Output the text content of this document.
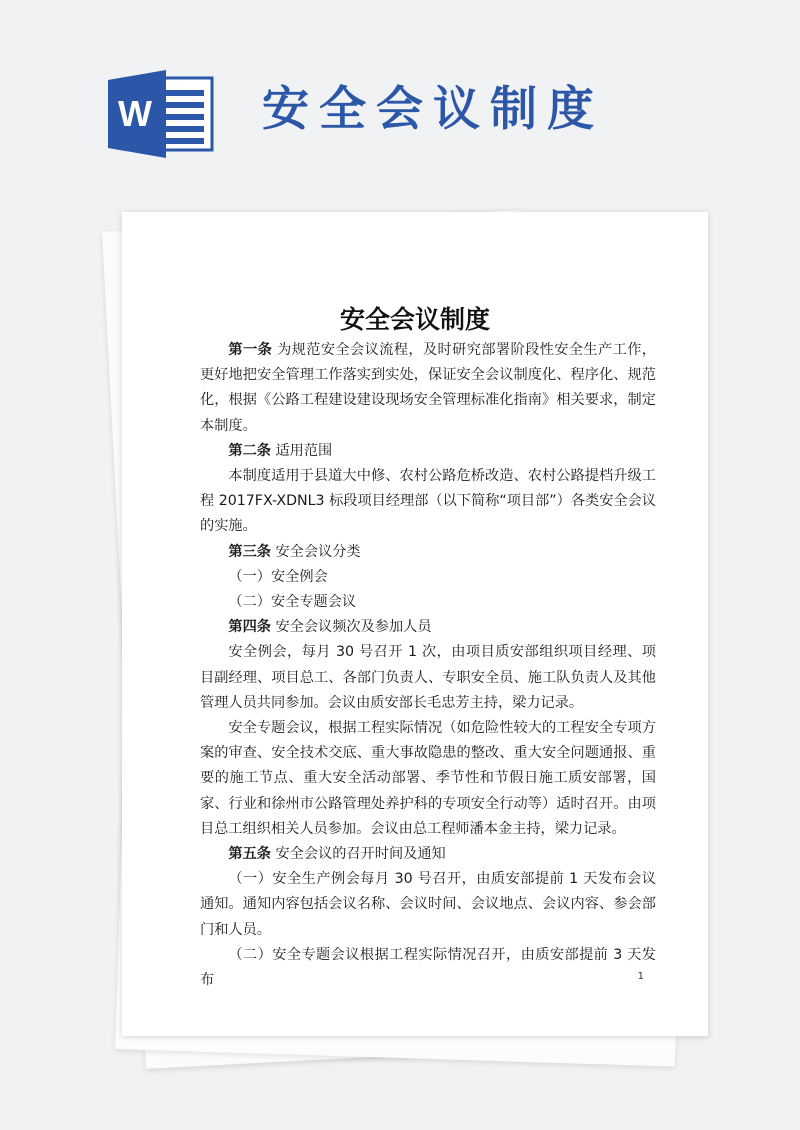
W 安全会议制度
安全会议制度

第一条 为规范安全会议流程，及时研究部署阶段性安全生产工作，更好地把安全管理工作落实到实处，保证安全会议制度化、程序化、规范化，根据《公路工程建设建设现场安全管理标准化指南》相关要求，制定本制度。

第二条 适用范围

本制度适用于县道大中修、农村公路危桥改造、农村公路提档升级工程 2017FX-XDNL3 标段项目经理部（以下简称“项目部”）各类安全会议的实施。

第三条 安全会议分类

（一）安全例会

（二）安全专题会议

第四条 安全会议频次及参加人员

安全例会，每月 30 号召开 1 次，由项目质安部组织项目经理、项目副经理、项目总工、各部门负责人、专职安全员、施工队负责人及其他管理人员共同参加。会议由质安部长毛忠芳主持，梁力记录。

安全专题会议，根据工程实际情况（如危险性较大的工程安全专项方案的审查、安全技术交底、重大事故隐患的整改、重大安全问题通报、重要的施工节点、重大安全活动部署、季节性和节假日施工质安部署，国家、行业和徐州市公路管理处养护科的专项安全行动等）适时召开。由项目总工组织相关人员参加。会议由总工程师潘本金主持，梁力记录。

第五条 安全会议的召开时间及通知

（一）安全生产例会每月 30 号召开，由质安部提前 1 天发布会议通知。通知内容包括会议名称、会议时间、会议地点、会议内容、参会部门和人员。

（二）安全专题会议根据工程实际情况召开，由质安部提前 3 天发布	1
